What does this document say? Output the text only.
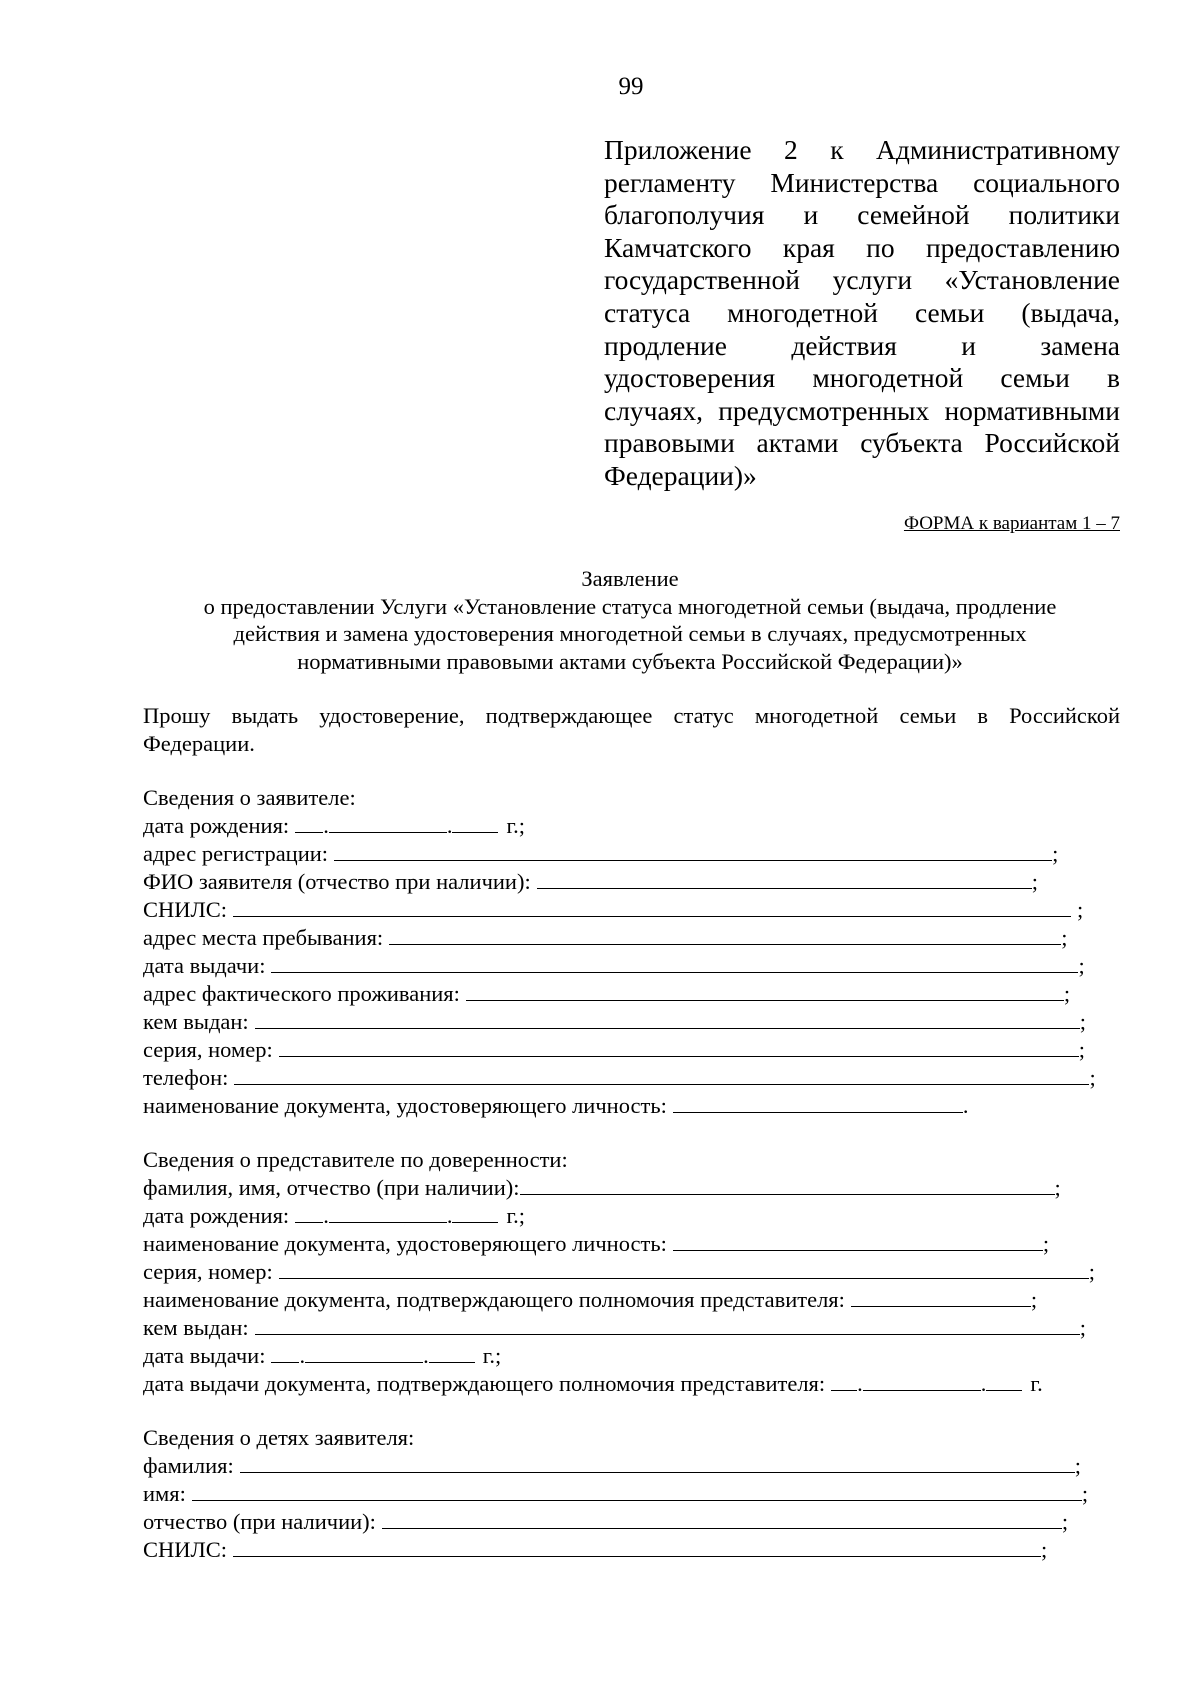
99
Приложение 2 к Административному
регламенту Министерства социального
благополучия и семейной политики
Камчатского края по предоставлению
государственной услуги «Установление
статуса многодетной семьи (выдача,
продление действия и замена
удостоверения многодетной семьи в
случаях, предусмотренных нормативными
правовыми актами субъекта Российской
Федерации)»
ФОРМА к вариантам 1 – 7
Заявление
о предоставлении Услуги «Установление статуса многодетной семьи (выдача, продление
действия и замена удостоверения многодетной семьи в случаях, предусмотренных
нормативными правовыми актами субъекта Российской Федерации)»
Прошу выдать удостоверение, подтверждающее статус многодетной семьи в Российской
Федерации.
Сведения о заявителе:
дата рождения: .	. г.;
адрес регистрации:	;
ФИО заявителя (отчество при наличии):	;
СНИЛС:	;
адрес места пребывания:	;
дата выдачи:	;
адрес фактического проживания:	;
кем выдан:	;
серия, номер:	;
телефон:	;
наименование документа, удостоверяющего личность:	.
Сведения о представителе по доверенности:
фамилия, имя, отчество (при наличии):	;
дата рождения: .	. г.;
наименование документа, удостоверяющего личность:	;
серия, номер:	;
наименование документа, подтверждающего полномочия представителя:	;
кем выдан:	;
дата выдачи: .	. г.;
дата выдачи документа, подтверждающего полномочия представителя: .	. г.
Сведения о детях заявителя:
фамилия:	;
имя:	;
отчество (при наличии):	;
СНИЛС:	;
